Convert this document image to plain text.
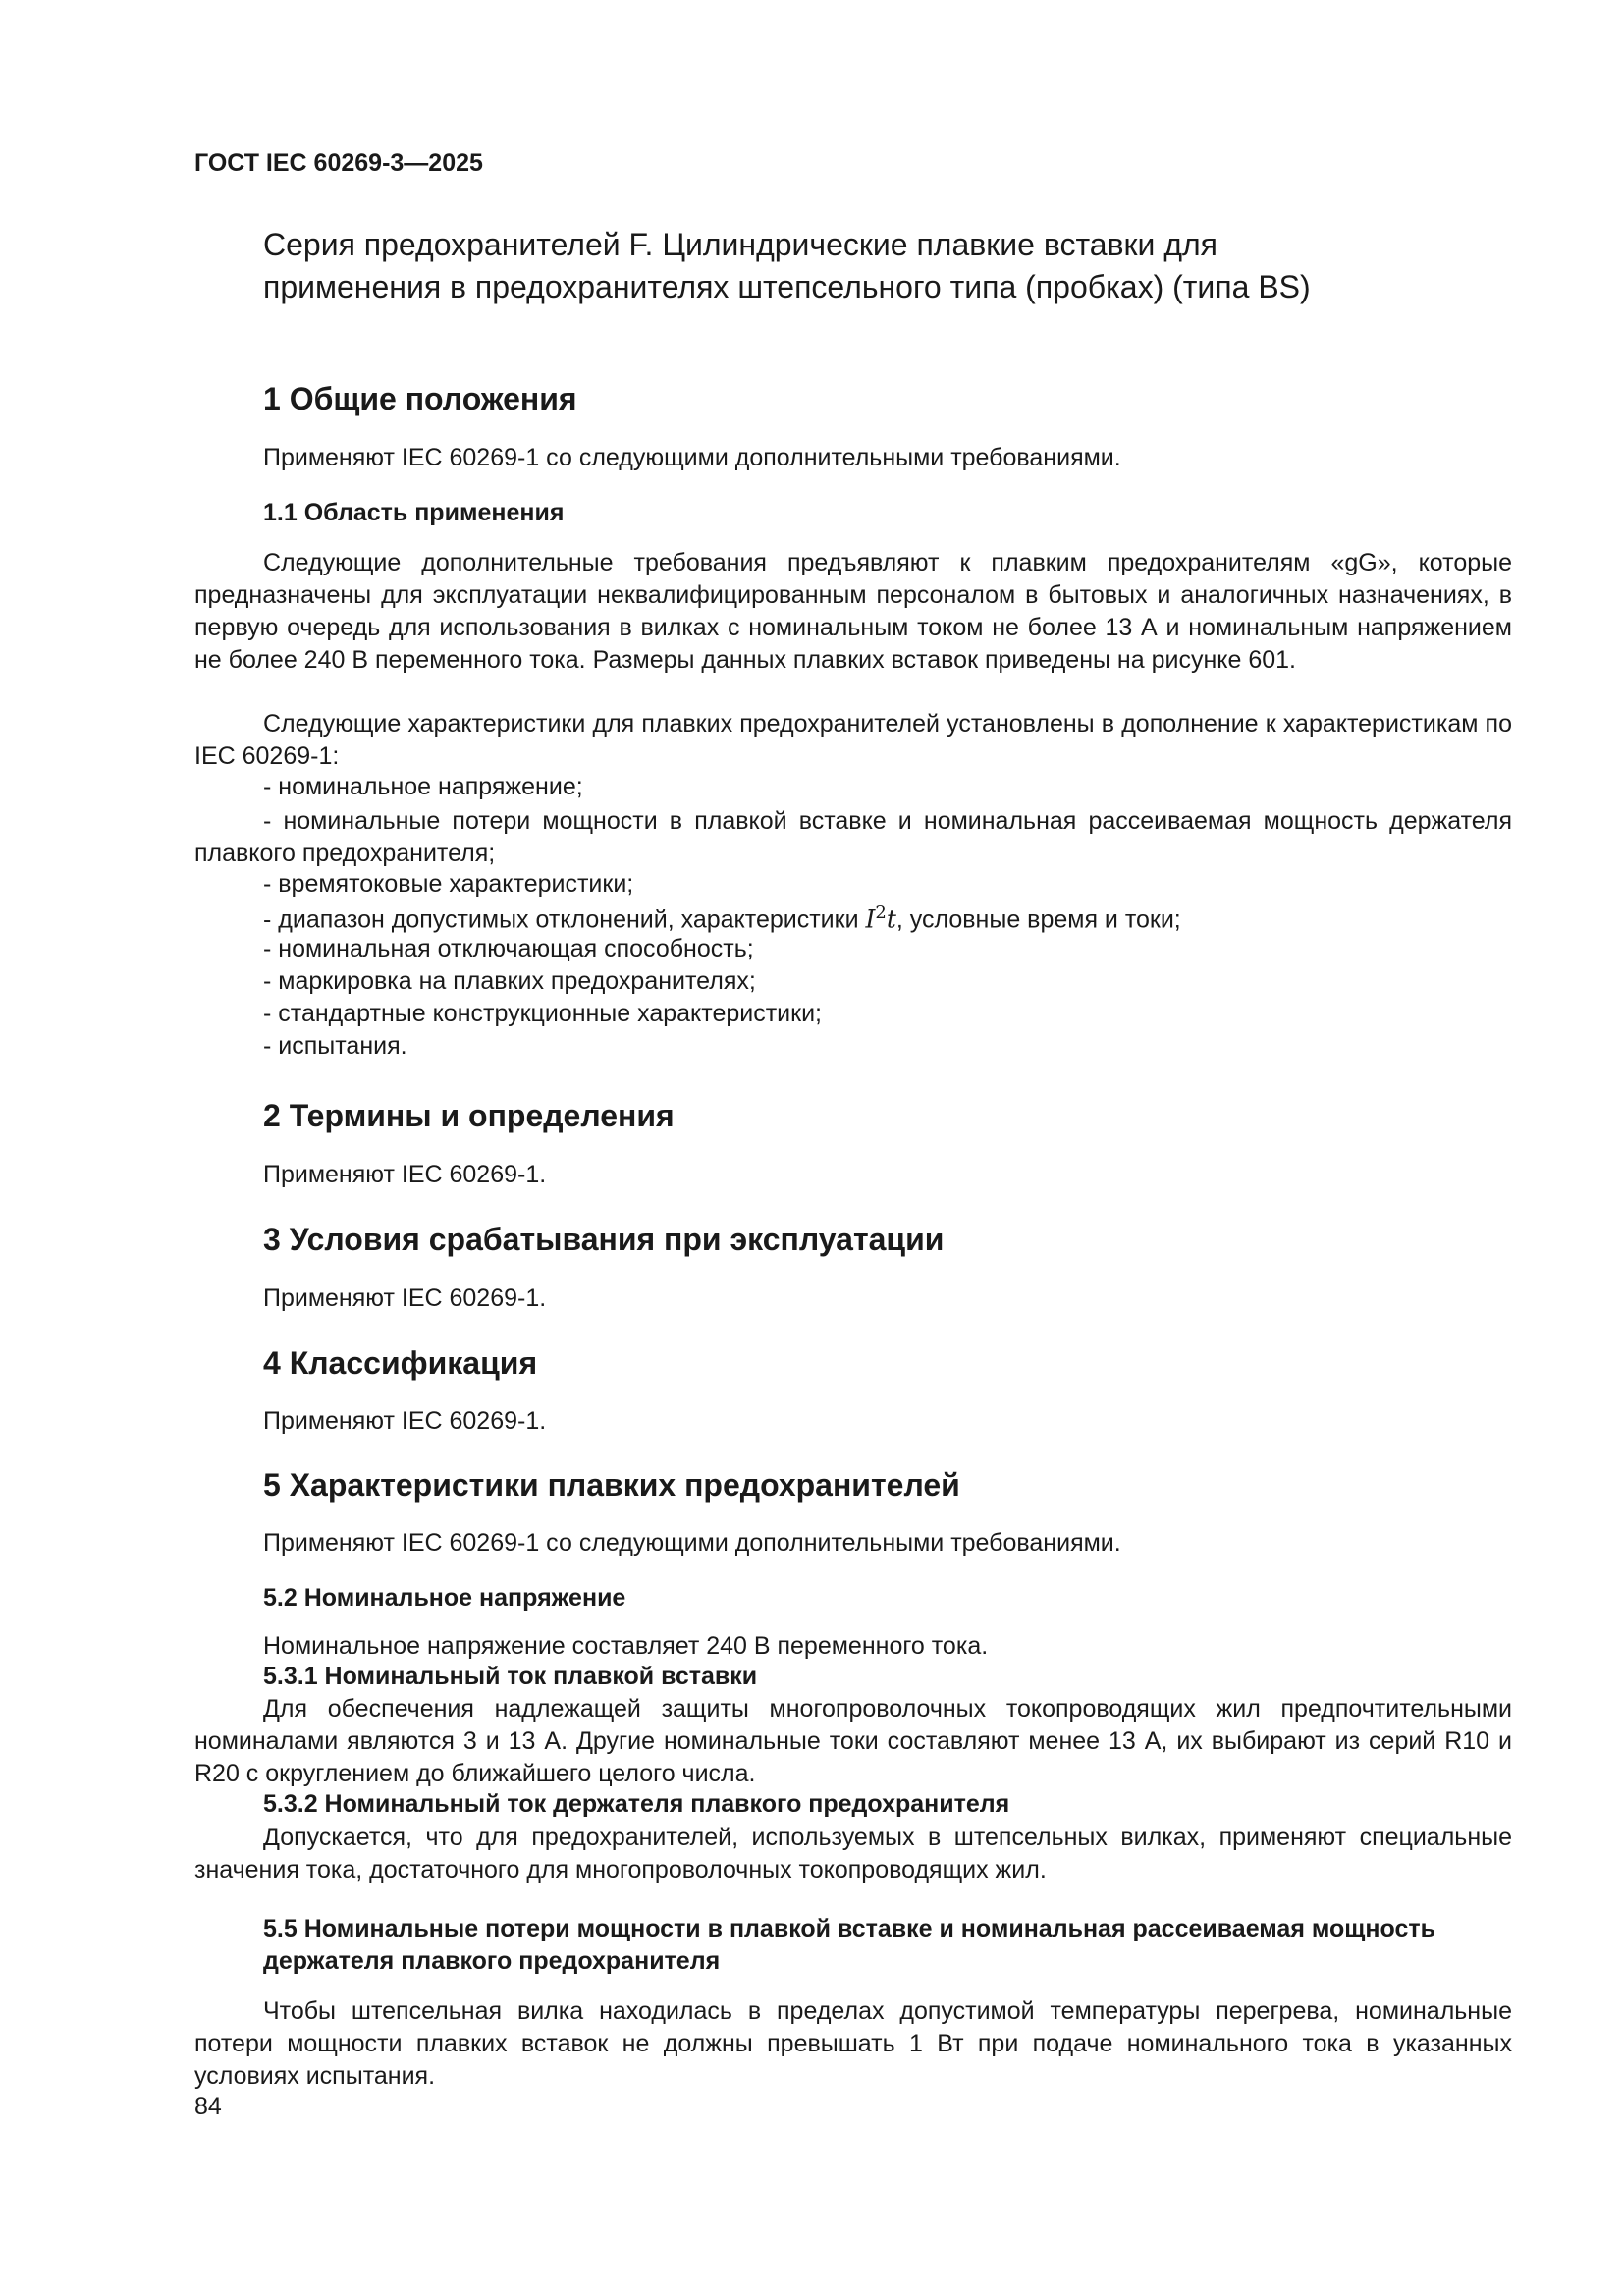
ГОСТ IEC 60269-3—2025
Серия предохранителей F. Цилиндрические плавкие вставки для применения в предохранителях штепсельного типа (пробках) (типа BS)
1 Общие положения
Применяют IEC 60269-1 со следующими дополнительными требованиями.
1.1 Область применения
Следующие дополнительные требования предъявляют к плавким предохранителям «gG», которые предназначены для эксплуатации неквалифицированным персоналом в бытовых и аналогичных назначениях, в первую очередь для использования в вилках с номинальным током не более 13 А и номинальным напряжением не более 240 В переменного тока. Размеры данных плавких вставок приведены на рисунке 601.
Следующие характеристики для плавких предохранителей установлены в дополнение к характеристикам по IEC 60269-1:
- номинальное напряжение;
- номинальные потери мощности в плавкой вставке и номинальная рассеиваемая мощность держателя плавкого предохранителя;
- времятоковые характеристики;
- диапазон допустимых отклонений, характеристики $I^2t$, условные время и токи;
- номинальная отключающая способность;
- маркировка на плавких предохранителях;
- стандартные конструкционные характеристики;
- испытания.
2 Термины и определения
Применяют IEC 60269-1.
3 Условия срабатывания при эксплуатации
Применяют IEC 60269-1.
4 Классификация
Применяют IEC 60269-1.
5 Характеристики плавких предохранителей
Применяют IEC 60269-1 со следующими дополнительными требованиями.
5.2 Номинальное напряжение
Номинальное напряжение составляет 240 В переменного тока.
5.3.1 Номинальный ток плавкой вставки
Для обеспечения надлежащей защиты многопроволочных токопроводящих жил предпочтительными номиналами являются 3 и 13 А. Другие номинальные токи составляют менее 13 А, их выбирают из серий R10 и R20 с округлением до ближайшего целого числа.
5.3.2 Номинальный ток держателя плавкого предохранителя
Допускается, что для предохранителей, используемых в штепсельных вилках, применяют специальные значения тока, достаточного для многопроволочных токопроводящих жил.
5.5 Номинальные потери мощности в плавкой вставке и номинальная рассеиваемая мощность держателя плавкого предохранителя
Чтобы штепсельная вилка находилась в пределах допустимой температуры перегрева, номинальные потери мощности плавких вставок не должны превышать 1 Вт при подаче номинального тока в указанных условиях испытания.
84
